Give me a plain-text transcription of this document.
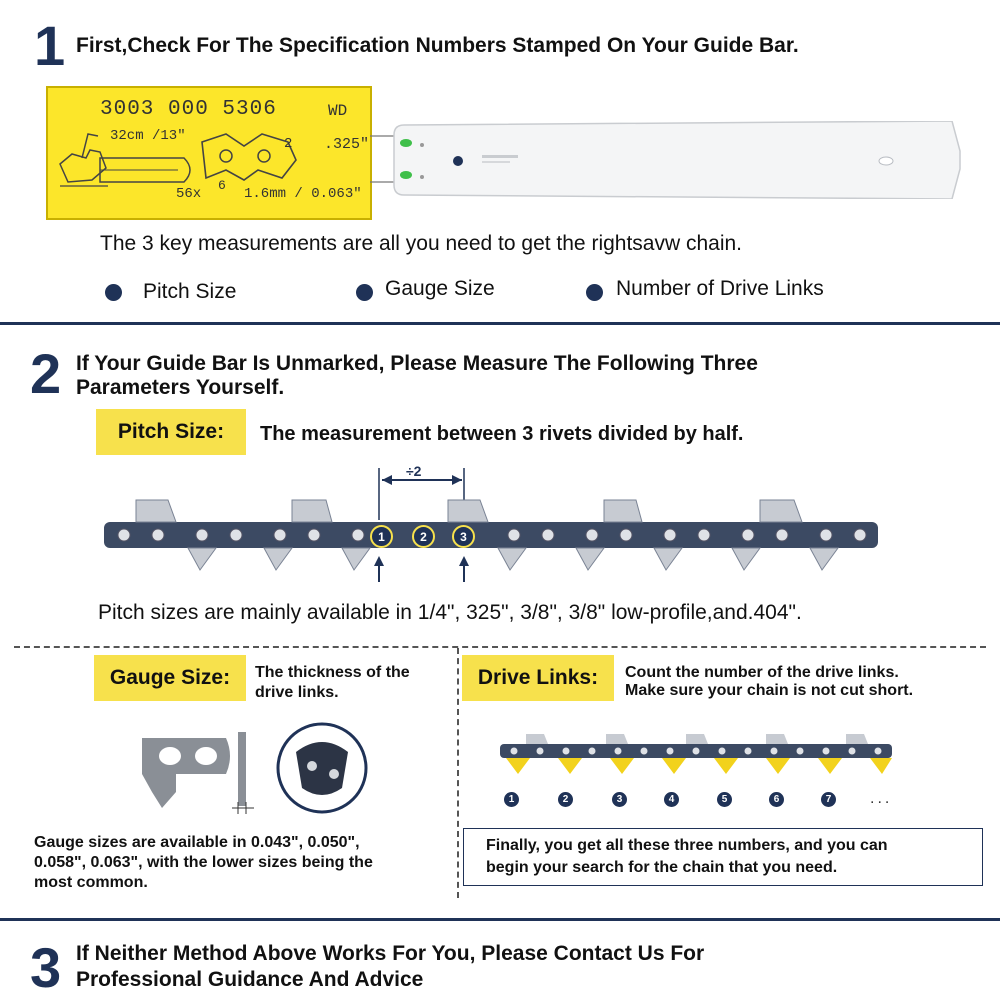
1 First,Check For The Specification Numbers Stamped On Your Guide Bar.
3003 000 5306	WD
32cm /13"	2 .325"
6
56x	1.6mm / 0.063"
The 3 key measurements are all you need to get the rightsavw chain.
Pitch Size	Gauge Size	Number of Drive Links
2 If Your Guide Bar Is Unmarked, Please Measure The Following Three
Parameters Yourself.
Pitch Size:	The measurement between 3 rivets divided by half.
÷2
1	2	3
Pitch sizes are mainly available in 1/4", 325", 3/8", 3/8" low-profile,and.404".
Gauge Size:	The thickness of the
drive links.
Gauge sizes are available in 0.043", 0.050",
0.058", 0.063", with the lower sizes being the
most common.
Drive Links:	Count the number of the drive links.
Make sure your chain is not cut short.
1	2	3	4	5	6	7 ...
Finally, you get all these three numbers, and you can
begin your search for the chain that you need.
3 If Neither Method Above Works For You, Please Contact Us For
Professional Guidance And Advice
